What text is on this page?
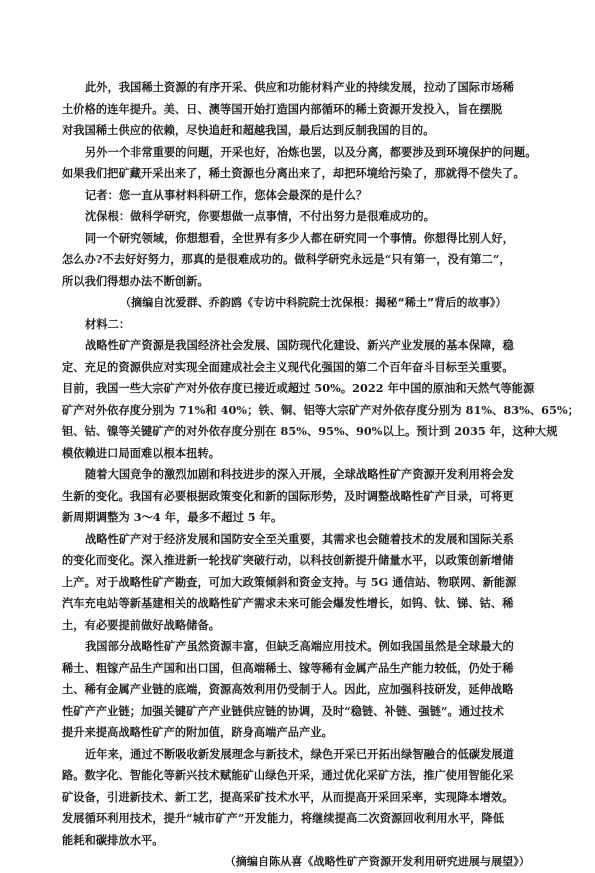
此外，我国稀土资源的有序开采、供应和功能材料产业的持续发展，拉动了国际市场稀
土价格的连年提升。美、日、澳等国开始打造国内部循环的稀土资源开发投入，旨在摆脱
对我国稀土供应的依赖，尽快追赶和超越我国，最后达到反制我国的目的。
另外一个非常重要的问题，开采也好，冶炼也罢，以及分离，都要涉及到环境保护的问题。
如果我们把矿藏开采出来了，稀土资源也分离出来了，却把环境给污染了，那就得不偿失了。
记者：您一直从事材料科研工作，您体会最深的是什么？
沈保根：做科学研究，你要想做一点事情，不付出努力是很难成功的。
同一个研究领域，你想想看，全世界有多少人都在研究同一个事情。你想得比别人好，
怎么办?不去好好努力，那真的是很难成功的。做科学研究永远是“只有第一，没有第二”，
所以我们得想办法不断创新。
（摘编自沈爱群、乔韵鸥《专访中科院院士沈保根：揭秘“稀土”背后的故事》）
材料二：
战略性矿产资源是我国经济社会发展、国防现代化建设、新兴产业发展的基本保障，稳
定、充足的资源供应对实现全面建成社会主义现代化强国的第二个百年奋斗目标至关重要。
目前，我国一些大宗矿产对外依存度已接近或超过 50%。2022 年中国的原油和天然气等能源
矿产对外依存度分别为 71%和 40%；铁、铜、铝等大宗矿产对外依存度分别为 81%、83%、65%；
钽、钴、镍等关键矿产的对外依存度分别在 85%、95%、90%以上。预计到 2035 年，这种大规
模依赖进口局面难以根本扭转。
随着大国竞争的激烈加剧和科技进步的深入开展，全球战略性矿产资源开发利用将会发
生新的变化。我国有必要根据政策变化和新的国际形势，及时调整战略性矿产目录，可将更
新周期调整为 3～4 年，最多不超过 5 年。
战略性矿产对于经济发展和国防安全至关重要，其需求也会随着技术的发展和国际关系
的变化而变化。深入推进新一轮找矿突破行动，以科技创新提升储量水平，以政策创新增储
上产。对于战略性矿产勘查，可加大政策倾斜和资金支持。与 5G 通信站、物联网、新能源
汽车充电站等新基建相关的战略性矿产需求未来可能会爆发性增长，如钨、钛、锑、钴、稀
土，有必要提前做好战略储备。
我国部分战略性矿产虽然资源丰富，但缺乏高端应用技术。例如我国虽然是全球最大的
稀土、粗镓产品生产国和出口国，但高端稀土、镓等稀有金属产品生产能力较低，仍处于稀
土、稀有金属产业链的底端，资源高效利用仍受制于人。因此，应加强科技研发，延伸战略
性矿产产业链；加强关键矿产产业链供应链的协调，及时“稳链、补链、强链”。通过技术
提升来提高战略性矿产的附加值，跻身高端产品产业。
近年来，通过不断吸收新发展理念与新技术，绿色开采已开拓出绿智融合的低碳发展道
路。数字化、智能化等新兴技术赋能矿山绿色开采，通过优化采矿方法，推广使用智能化采
矿设备，引进新技术、新工艺，提高采矿技术水平，从而提高开采回采率，实现降本增效。
发展循环利用技术，提升“城市矿产”开发能力，将继续提高二次资源回收利用水平，降低
能耗和碳排放水平。
（摘编自陈从喜《战略性矿产资源开发利用研究进展与展望》）
